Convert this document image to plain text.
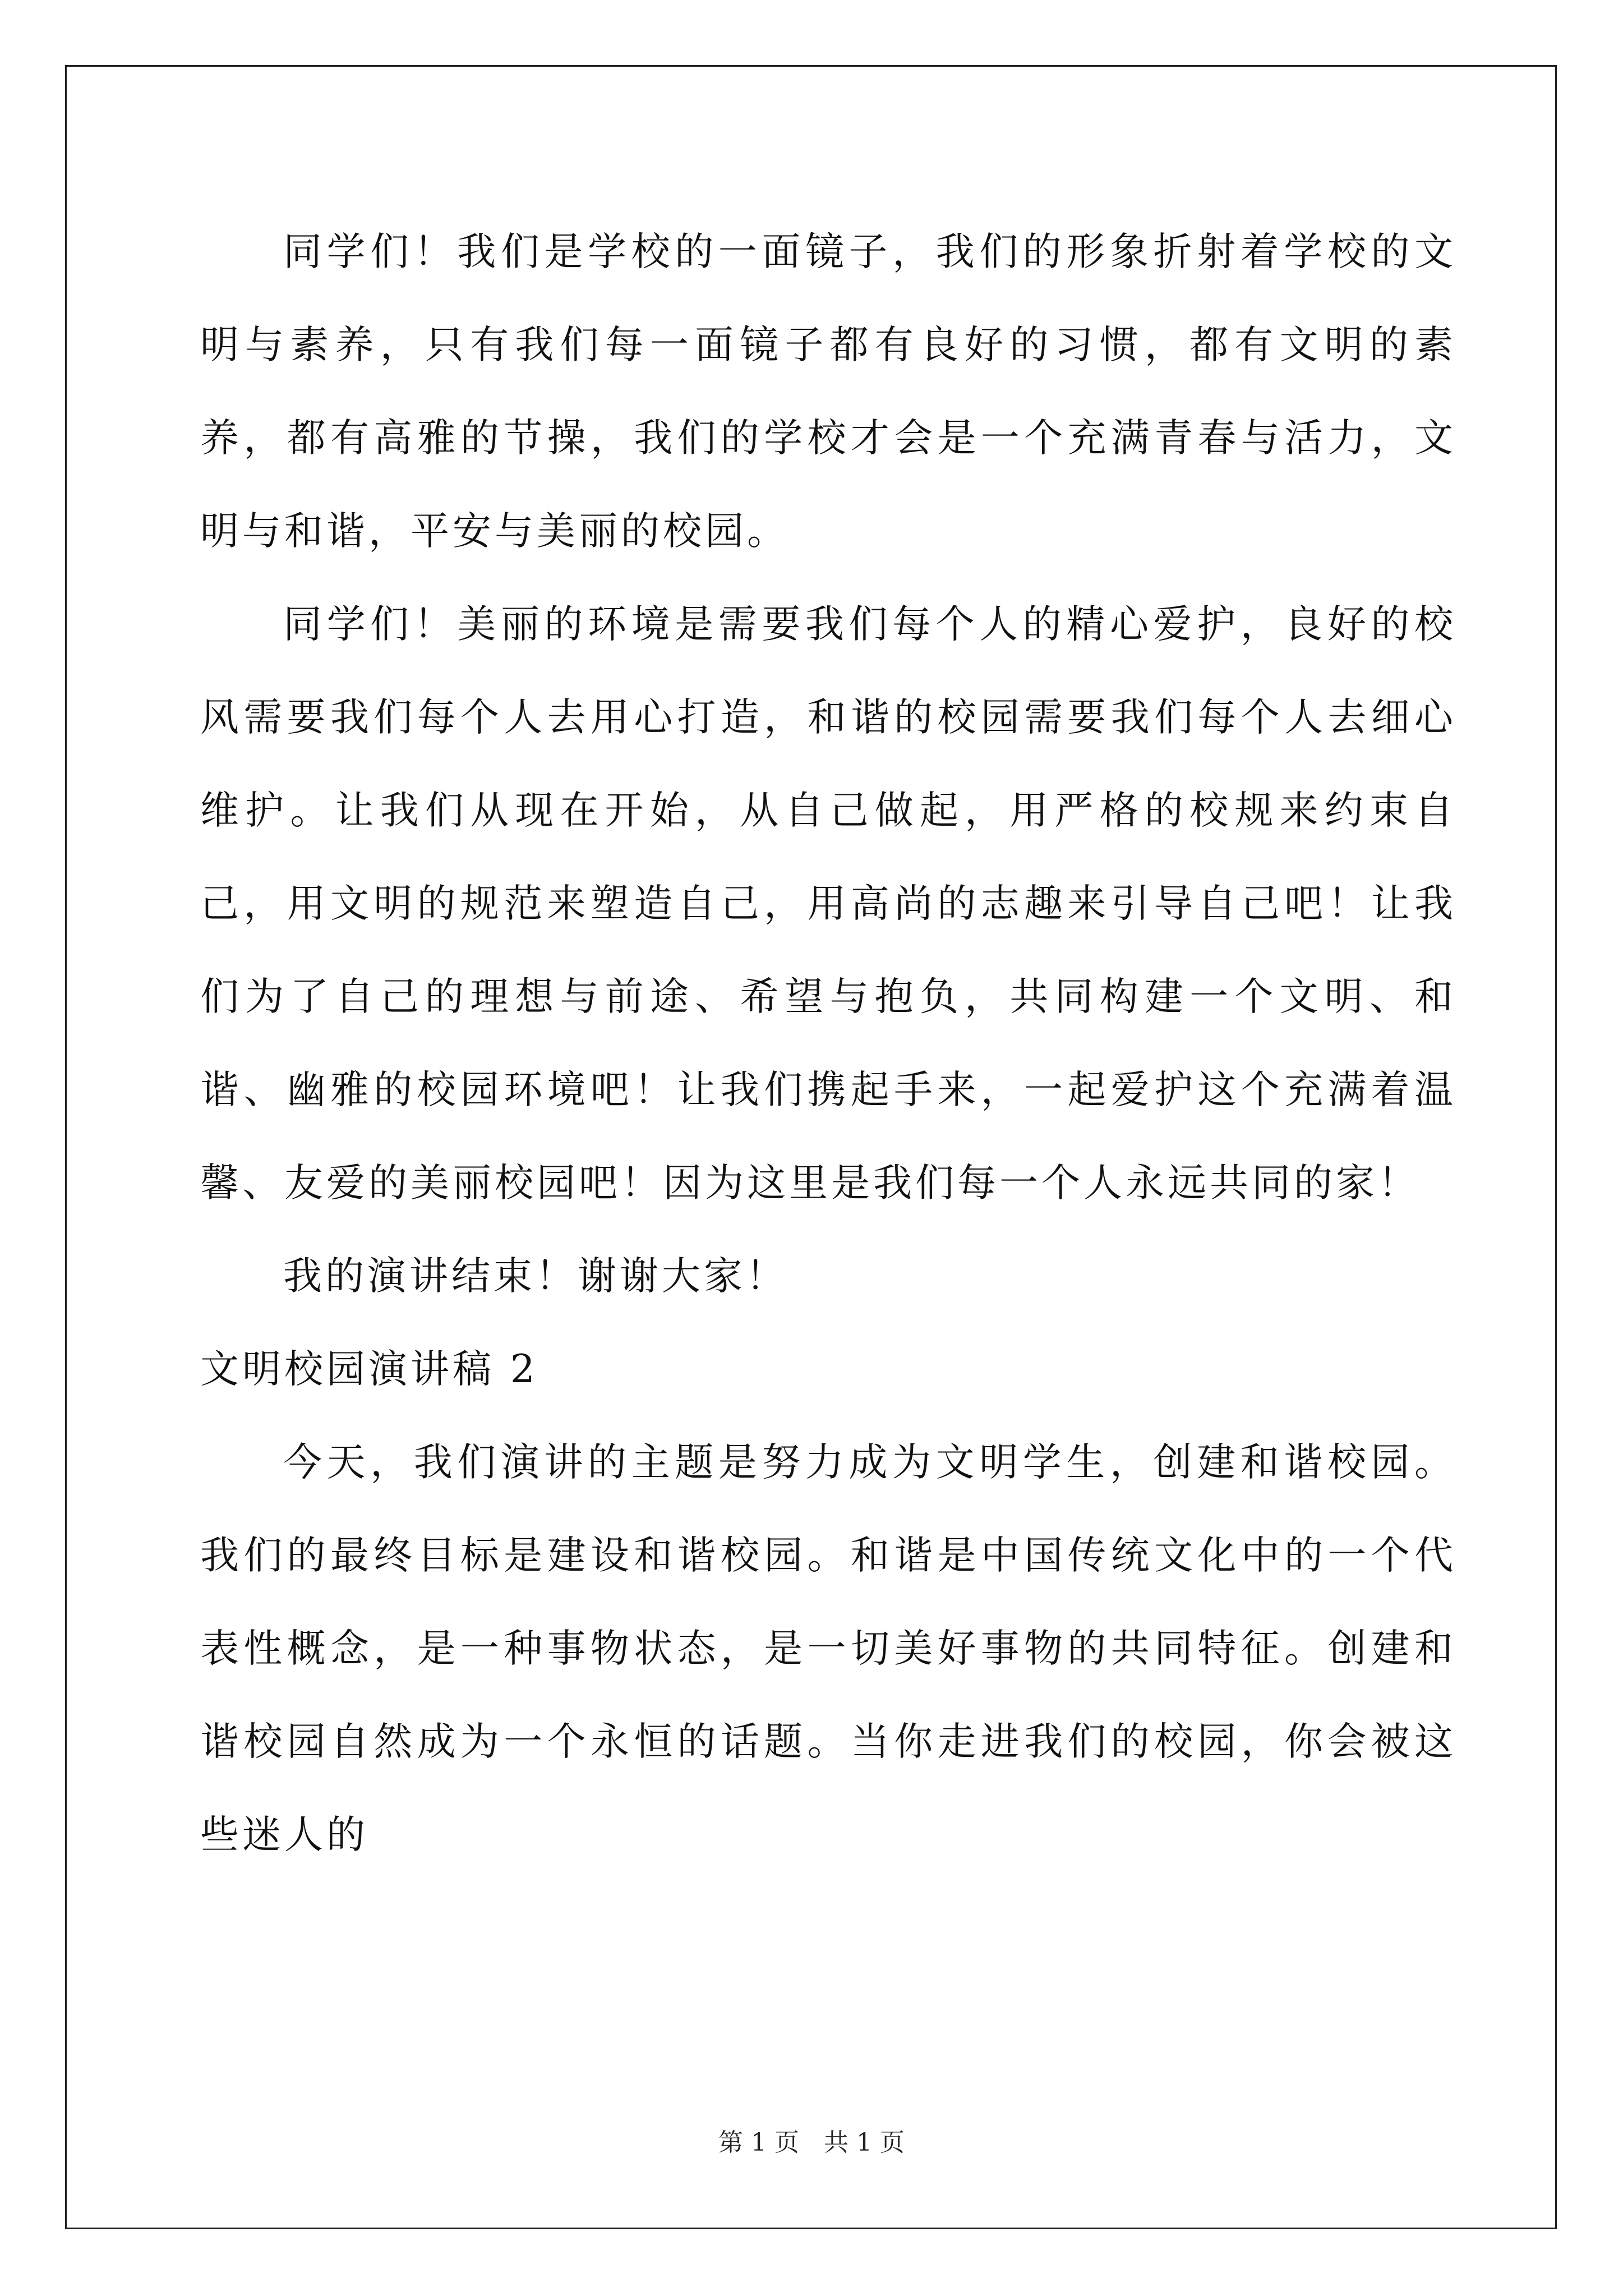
同学们！我们是学校的一面镜子，我们的形象折射着学校的文明与素养，只有我们每一面镜子都有良好的习惯，都有文明的素养，都有高雅的节操，我们的学校才会是一个充满青春与活力，文明与和谐，平安与美丽的校园。

同学们！美丽的环境是需要我们每个人的精心爱护，良好的校风需要我们每个人去用心打造，和谐的校园需要我们每个人去细心维护。让我们从现在开始，从自己做起，用严格的校规来约束自己，用文明的规范来塑造自己，用高尚的志趣来引导自己吧！让我们为了自己的理想与前途、希望与抱负，共同构建一个文明、和谐、幽雅的校园环境吧！让我们携起手来，一起爱护这个充满着温馨、友爱的美丽校园吧！因为这里是我们每一个人永远共同的家！

我的演讲结束！谢谢大家！

文明校园演讲稿 2

今天，我们演讲的主题是努力成为文明学生，创建和谐校园。我们的最终目标是建设和谐校园。和谐是中国传统文化中的一个代表性概念，是一种事物状态，是一切美好事物的共同特征。创建和谐校园自然成为一个永恒的话题。当你走进我们的校园，你会被这些迷人的

第 1 页　共 1 页
